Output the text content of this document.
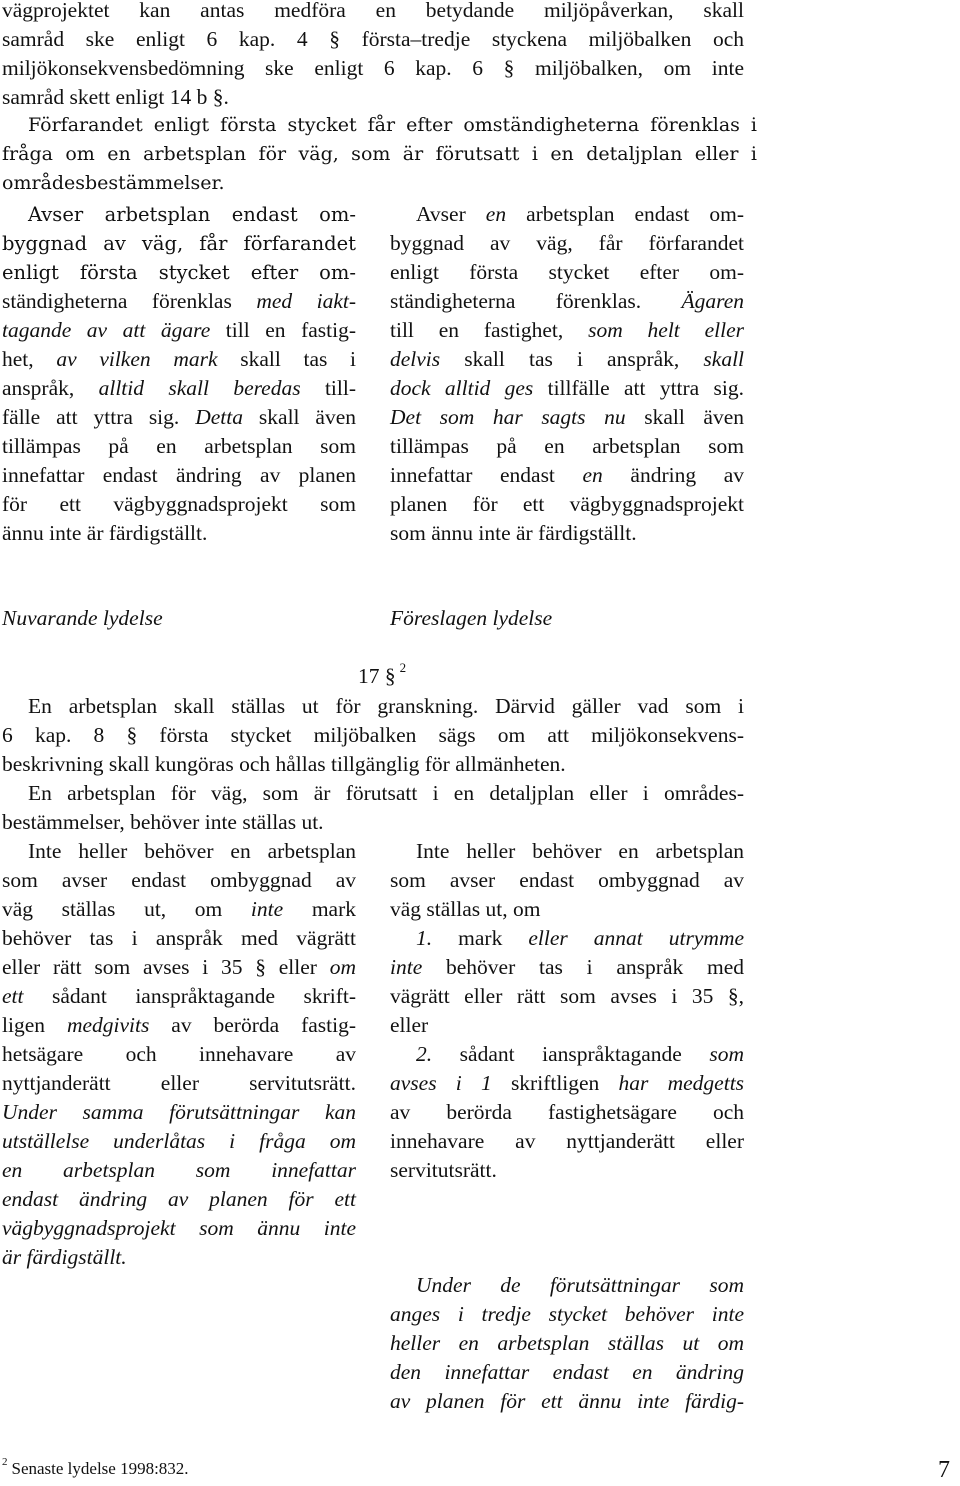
vägprojektet kan antas medföra en betydande miljöpåverkan, skall
samråd ske enligt 6 kap. 4 § första–tredje styckena miljöbalken och
miljökonsekvensbedömning ske enligt 6 kap. 6 § miljöbalken, om inte
samråd skett enligt 14 b §.
Förfarandet enligt första stycket får efter omständigheterna förenklas i
fråga om en arbetsplan för väg, som är förutsatt i en detaljplan eller i
områdesbestämmelser.
Avser arbetsplan endast om-
byggnad av väg, får förfarandet
enligt första stycket efter om-
ständigheterna förenklas med iakt-
tagande av att ägare till en fastig-
het, av vilken mark skall tas i
anspråk, alltid skall beredas till-
fälle att yttra sig. Detta skall även
tillämpas på en arbetsplan som
innefattar endast ändring av planen
för ett vägbyggnadsprojekt som
ännu inte är färdigställt.
Avser en arbetsplan endast om-
byggnad av väg, får förfarandet
enligt första stycket efter om-
ständigheterna förenklas. Ägaren
till en fastighet, som helt eller
delvis skall tas i anspråk, skall
dock alltid ges tillfälle att yttra sig.
Det som har sagts nu skall även
tillämpas på en arbetsplan som
innefattar endast en ändring av
planen för ett vägbyggnadsprojekt
som ännu inte är färdigställt.
Nuvarande lydelse	Föreslagen lydelse
17 § $^2$
En arbetsplan skall ställas ut för granskning. Därvid gäller vad som i
6 kap. 8 § första stycket miljöbalken sägs om att miljökonsekvens-
beskrivning skall kungöras och hållas tillgänglig för allmänheten.
En arbetsplan för väg, som är förutsatt i en detaljplan eller i områdes-
bestämmelser, behöver inte ställas ut.
Inte heller behöver en arbetsplan
som avser endast ombyggnad av
väg ställas ut, om inte mark
behöver tas i anspråk med vägrätt
eller rätt som avses i 35 § eller om
ett sådant ianspråktagande skrift-
ligen medgivits av berörda fastig-
hetsägare och innehavare av
nyttjanderätt eller servitutsrätt.
Under samma förutsättningar kan
utställelse underlåtas i fråga om
en arbetsplan som innefattar
endast ändring av planen för ett
vägbyggnadsprojekt som ännu inte
är färdigställt.
Inte heller behöver en arbetsplan
som avser endast ombyggnad av
väg ställas ut, om
1. mark eller annat utrymme
inte behöver tas i anspråk med
vägrätt eller rätt som avses i 35 §,
eller
2. sådant ianspråktagande som
avses i 1 skriftligen har medgetts
av berörda fastighetsägare och
innehavare av nyttjanderätt eller
servitutsrätt.
Under de förutsättningar som
anges i tredje stycket behöver inte
heller en arbetsplan ställas ut om
den innefattar endast en ändring
av planen för ett ännu inte färdig-
$^2$ Senaste lydelse 1998:832.	7
